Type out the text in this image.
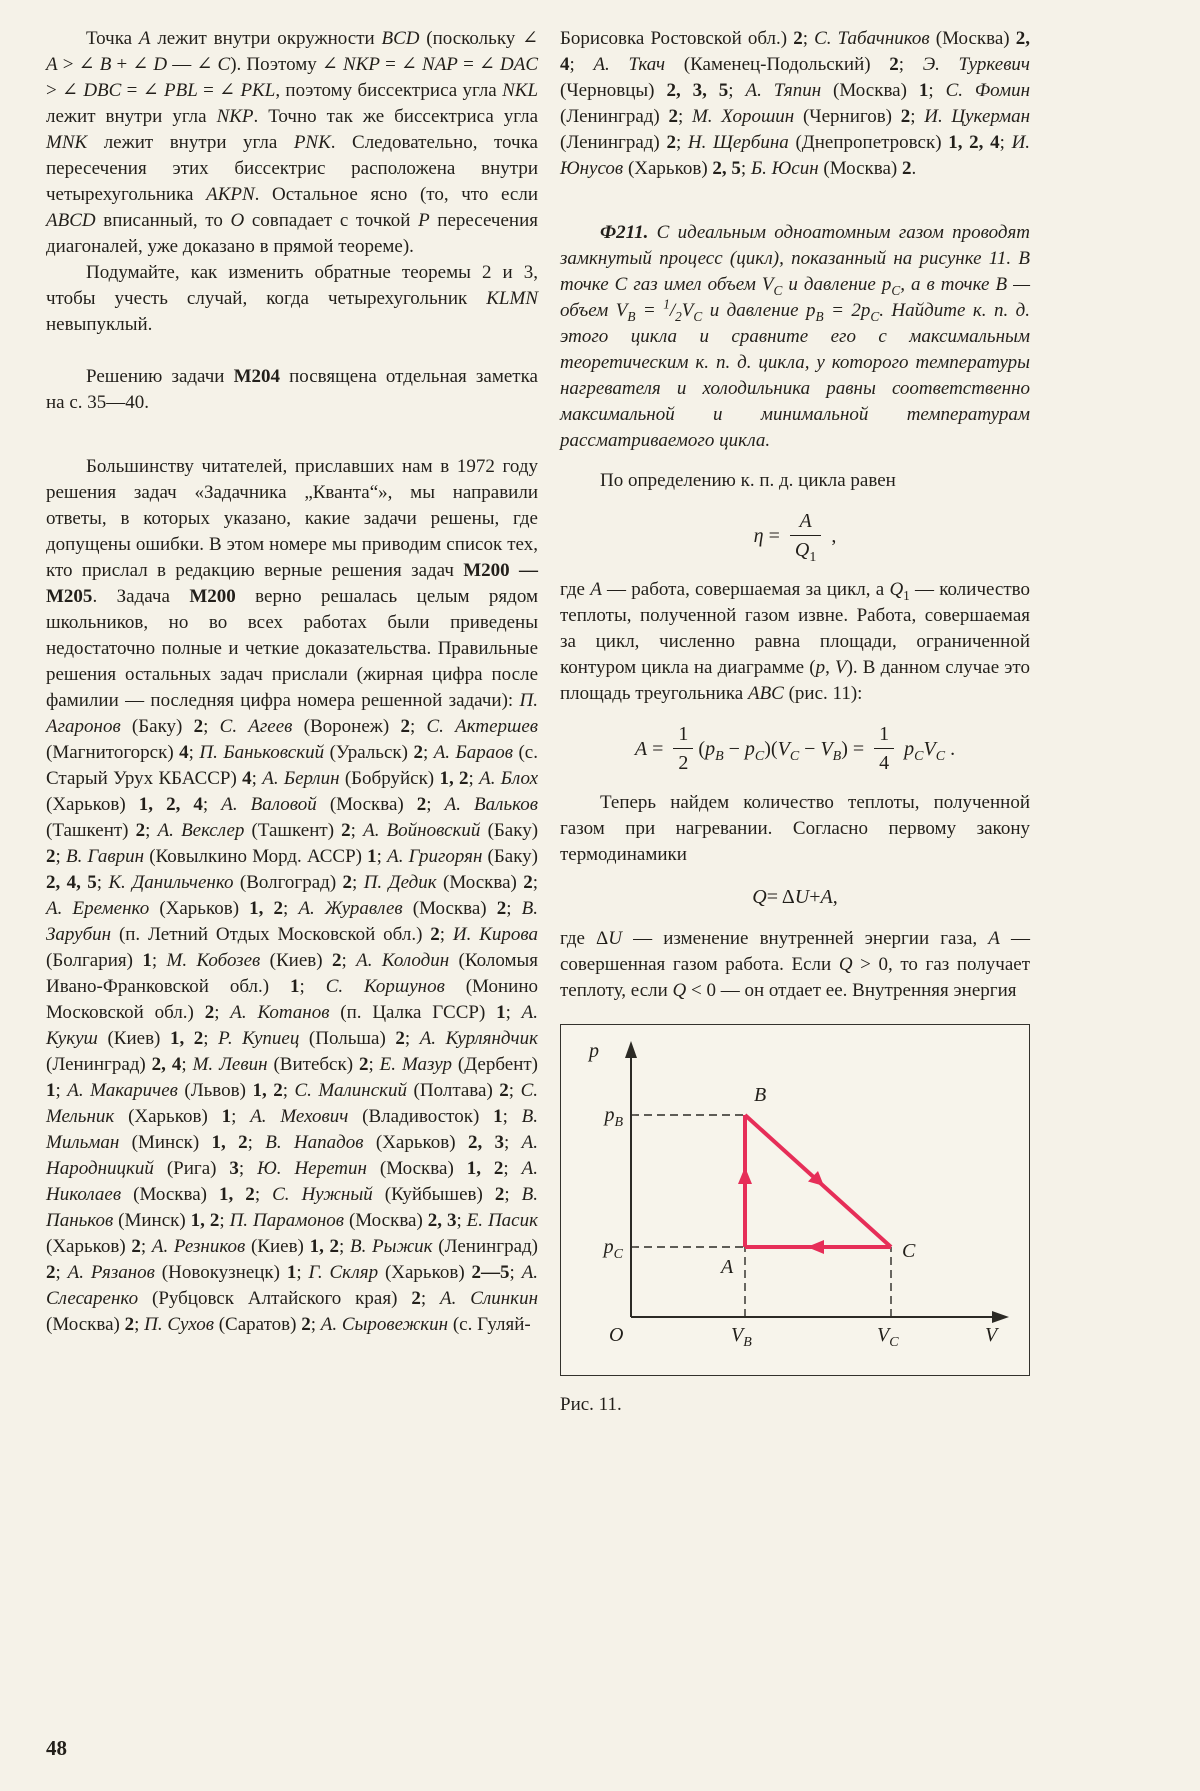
Точка A лежит внутри окружности BCD (поскольку ∠ A > ∠ B + ∠ D — ∠ C). Поэтому ∠ NKP = ∠ NAP = ∠ DAC > ∠ DBC = ∠ PBL = ∠ PKL, поэтому биссектриса угла NKL лежит внутри угла NKP. Точно так же биссектриса угла MNK лежит внутри угла PNK. Следовательно, точка пересечения этих биссектрис расположена внутри четырехугольника AKPN. Остальное ясно (то, что если ABCD вписанный, то O совпадает с точкой P пересечения диагоналей, уже доказано в прямой теореме).

Подумайте, как изменить обратные теоремы 2 и 3, чтобы учесть случай, когда четырехугольник KLMN невыпуклый.

Решению задачи М204 посвящена отдельная заметка на с. 35—40.

Большинству читателей, приславших нам в 1972 году решения задач «Задачника „Кванта“», мы направили ответы, в которых указано, какие задачи решены, где допущены ошибки. В этом номере мы приводим список тех, кто прислал в редакцию верные решения задач М200 — М205. Задача М200 верно решалась целым рядом школьников, но во всех работах были приведены недостаточно полные и четкие доказательства. Правильные решения остальных задач прислали (жирная цифра после фамилии — последняя цифра номера решенной задачи): П. Агаронов (Баку) 2; С. Агеев (Воронеж) 2; С. Актершев (Магнитогорск) 4; П. Баньковский (Уральск) 2; А. Бараов (с. Старый Урух КБАССР) 4; А. Берлин (Бобруйск) 1, 2; А. Блох (Харьков) 1, 2, 4; А. Валовой (Москва) 2; А. Вальков (Ташкент) 2; А. Векслер (Ташкент) 2; А. Войновский (Баку) 2; В. Гаврин (Ковылкино Морд. АССР) 1; А. Григорян (Баку) 2, 4, 5; К. Данильченко (Волгоград) 2; П. Дедик (Москва) 2; А. Еременко (Харьков) 1, 2; А. Журавлев (Москва) 2; В. Зарубин (п. Летний Отдых Московской обл.) 2; И. Кирова (Болгария) 1; М. Кобозев (Киев) 2; А. Колодин (Коломыя Ивано-Франковской обл.) 1; С. Коршунов (Монино Московской обл.) 2; А. Котанов (п. Цалка ГССР) 1; А. Кукуш (Киев) 1, 2; Р. Купиец (Польша) 2; А. Курляндчик (Ленинград) 2, 4; М. Левин (Витебск) 2; Е. Мазур (Дербент) 1; А. Макаричев (Львов) 1, 2; С. Малинский (Полтава) 2; С. Мельник (Харьков) 1; А. Мехович (Владивосток) 1; В. Мильман (Минск) 1, 2; В. Нападов (Харьков) 2, 3; А. Народницкий (Рига) 3; Ю. Неретин (Москва) 1, 2; А. Николаев (Москва) 1, 2; С. Нужный (Куйбышев) 2; В. Паньков (Минск) 1, 2; П. Парамонов (Москва) 2, 3; Е. Пасик (Харьков) 2; А. Резников (Киев) 1, 2; В. Рыжик (Ленинград) 2; А. Рязанов (Новокузнецк) 1; Г. Скляр (Харьков) 2—5; А. Слесаренко (Рубцовск Алтайского края) 2; А. Слинкин (Москва) 2; П. Сухов (Саратов) 2; А. Сыровежкин (с. Гуляй-

Борисовка Ростовской обл.) 2; С. Табачников (Москва) 2, 4; А. Ткач (Каменец-Подольский) 2; Э. Туркевич (Черновцы) 2, 3, 5; А. Тяпин (Москва) 1; С. Фомин (Ленинград) 2; М. Хорошин (Чернигов) 2; И. Цукерман (Ленинград) 2; Н. Щербина (Днепропетровск) 1, 2, 4; И. Юнусов (Харьков) 2, 5; Б. Юсин (Москва) 2.

Ф211. С идеальным одноатомным газом проводят замкнутый процесс (цикл), показанный на рисунке 11. В точке C газ имел объем $V_C$ и давление $p_C$, а в точке B — объем $V_B = ^1/_2V_C$ и давление $p_B = 2p_C$. Найдите к. п. д. этого цикла и сравните его с максимальным теоретическим к. п. д. цикла, у которого температуры нагревателя и холодильника равны соответственно максимальной и минимальной температурам рассматриваемого цикла.

По определению к. п. д. цикла равен

$\eta = \frac{A}{Q_1}$ ,

где A — работа, совершаемая за цикл, а $Q_1$ — количество теплоты, полученной газом извне. Работа, совершаемая за цикл, численно равна площади, ограниченной контуром цикла на диаграмме (p, V). В данном случае это площадь треугольника ABC (рис. 11):

$A = \frac{1}{2} (p_B - p_C)(V_C - V_B) = \frac{1}{4} p_CV_C$ .

Теперь найдем количество теплоты, полученной газом при нагревании. Согласно первому закону термодинамики

Q = Δ U + A ,

где ΔU — изменение внутренней энергии газа, A — совершенная газом работа. Если Q > 0, то газ получает теплоту, если Q < 0 — он отдает ее. Внутренняя энергия

p
V
O
$p_B$
$p_C$
$V_B$	$V_C$
B
A
C
Рис. 11.
48
